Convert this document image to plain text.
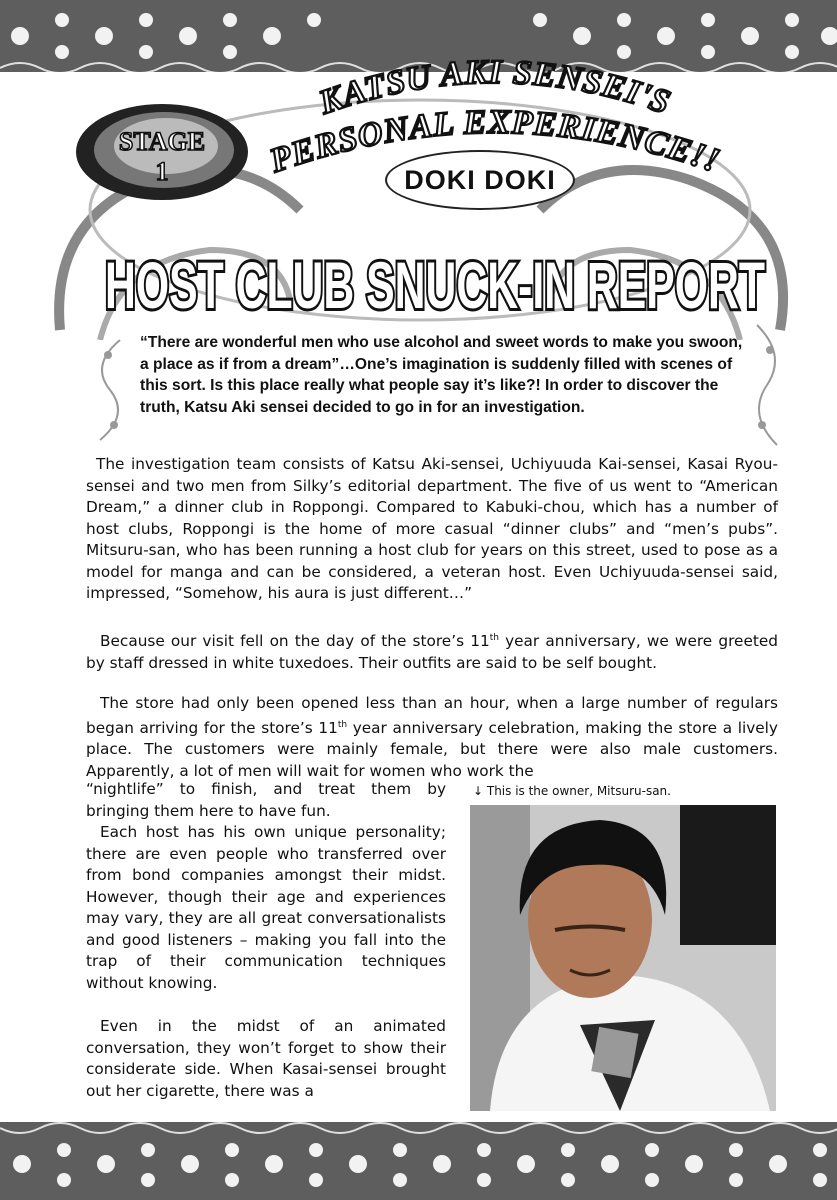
STAGE
1
KATSU AKI SENSEI'S
PERSONAL EXPERIENCE!!
DOKI DOKI
HOST CLUB SNUCK-IN REPORT
“There are wonderful men who use alcohol and sweet words to make you swoon, a place as if from a dream”…One’s imagination is suddenly filled with scenes of this sort. Is this place really what people say it’s like?! In order to discover the truth, Katsu Aki sensei decided to go in for an investigation.

The investigation team consists of Katsu Aki-sensei, Uchiyuuda Kai-sensei, Kasai Ryou-sensei and two men from Silky’s editorial department. The five of us went to “American Dream,” a dinner club in Roppongi. Compared to Kabuki-chou, which has a number of host clubs, Roppongi is the home of more casual “dinner clubs” and “men’s pubs”. Mitsuru-san, who has been running a host club for years on this street, used to pose as a model for manga and can be considered, a veteran host. Even Uchiyuuda-sensei said, impressed, “Somehow, his aura is just different…”

Because our visit fell on the day of the store’s 11th year anniversary, we were greeted by staff dressed in white tuxedoes. Their outfits are said to be self bought.

The store had only been opened less than an hour, when a large number of regulars began arriving for the store’s 11th year anniversary celebration, making the store a lively place. The customers were mainly female, but there were also male customers. Apparently, a lot of men will wait for women who work the

“nightlife” to finish, and treat them by bringing them here to have fun.

Each host has his own unique personality; there are even people who transferred over from bond companies amongst their midst. However, though their age and experiences may vary, they are all great conversationalists and good listeners – making you fall into the trap of their communication techniques without knowing.

Even in the midst of an animated conversation, they won’t forget to show their considerate side. When Kasai-sensei brought out her cigarette, there was a

↓ This is the owner, Mitsuru-san.
